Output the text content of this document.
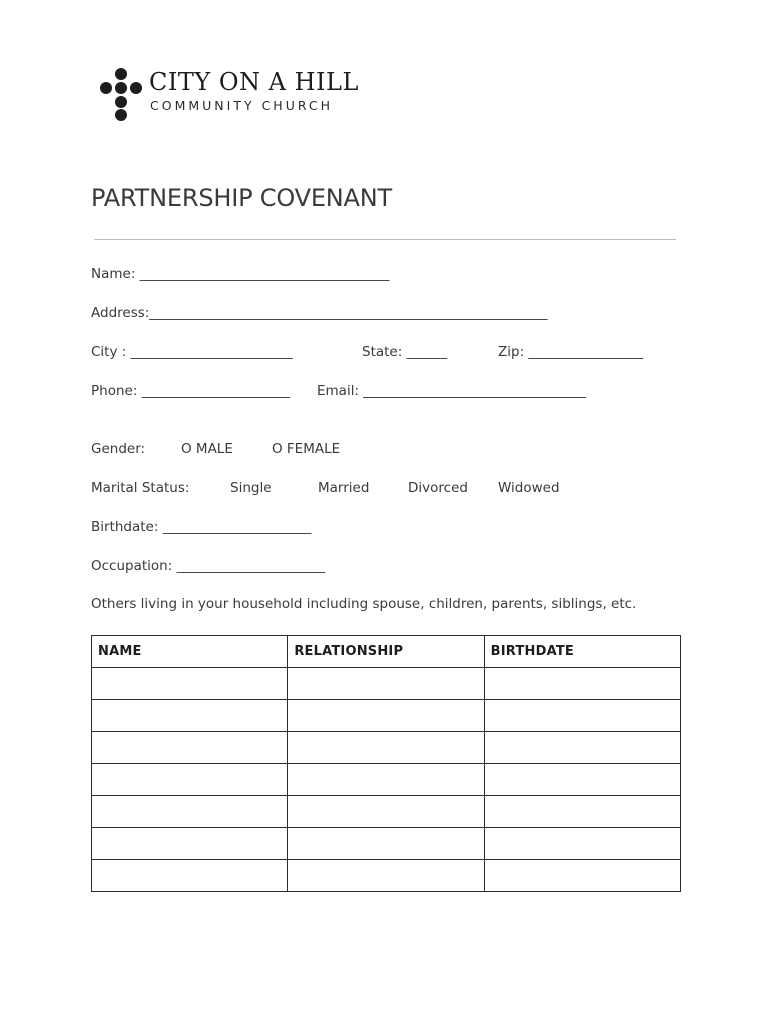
CITY ON A HILL
COMMUNITY CHURCH
PARTNERSHIP COVENANT
Name: _____________________________________
Address:___________________________________________________________
City : ________________________	State: ______	Zip: _________________
Phone: ______________________ Email: _________________________________
Gender:	O MALE	O FEMALE
Marital Status:	Single	Married	Divorced Widowed
Birthdate: ______________________
Occupation: ______________________
Others living in your household including spouse, children, parents, siblings, etc.
NAME	RELATIONSHIP	BIRTHDATE
